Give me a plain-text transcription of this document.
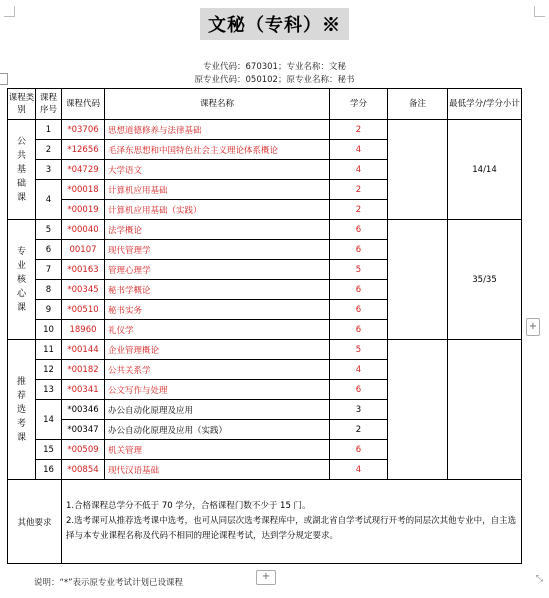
文秘（专科）※
专业代码：670301；专业名称：文秘
原专业代码：050102；原专业名称：秘书
课程类别	课程序号	课程代码	课程名称	学分	备注	最低学分/学分小计

公
共
基
础
课	1	*03706	思想道德修养与法律基础	2		14/14
	2	*12656	毛泽东思想和中国特色社会主义理论体系概论	4		
	3	*04729	大学语文	4		
	4	*00018	计算机应用基础	2		
		*00019	计算机应用基础（实践）	2		

专
业
核
心
课	5	*00040	法学概论	6		35/35
	6	00107	现代管理学	6		
	7	*00163	管理心理学	5		
	8	*00345	秘书学概论	6		
	9	*00510	秘书实务	6		
	10	18960	礼仪学	6		

推
荐
选
考
课	11	*00144	企业管理概论	5		
	12	*00182	公共关系学	4		
	13	*00341	公文写作与处理	6		
	14	*00346	办公自动化原理及应用	3		
		*00347	办公自动化原理及应用（实践）	2		
	15	*00509	机关管理	6		
	16	*00854	现代汉语基础	4		
其他要求		1.合格课程总学分不低于 70 学分，合格课程门数不少于 15 门。
2.选考课可从推荐选考课中选考，也可从同层次选考课程库中，或湖北省自学考试现行开考的同层次其他专业中，自主选择与本专业课程名称及代码不相同的理论课程考试，达到学分规定要求。				
+
+
说明：“*”表示原专业考试计划已设课程	⤡
